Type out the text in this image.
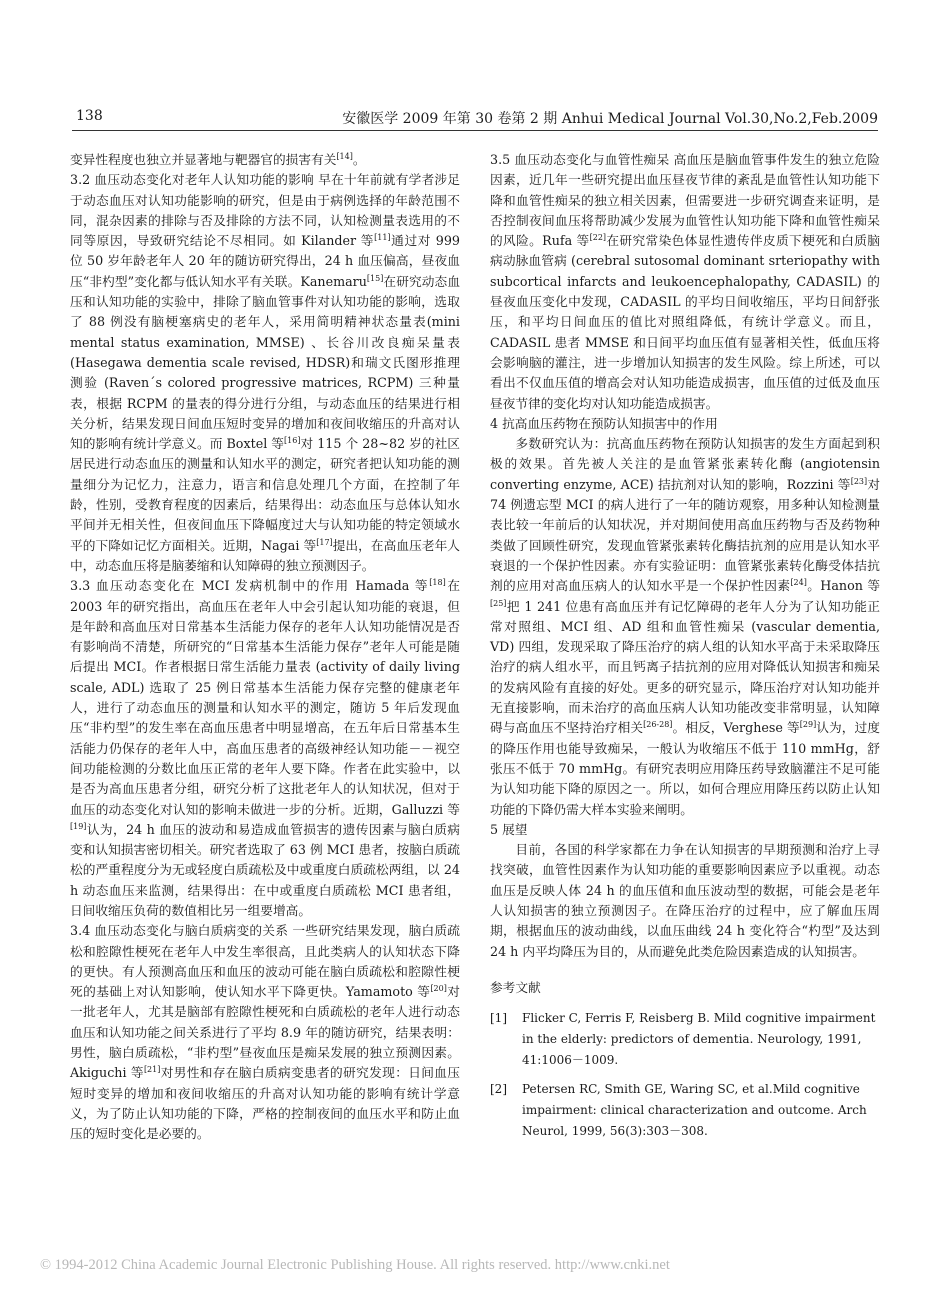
138	安徽医学 2009 年第 30 卷第 2 期 Anhui Medical Journal Vol.30,No.2,Feb.2009

变异性程度也独立并显著地与靶器官的损害有关[14]。

3.2 血压动态变化对老年人认知功能的影响 早在十年前就有学者涉足于动态血压对认知功能影响的研究，但是由于病例选择的年龄范围不同，混杂因素的排除与否及排除的方法不同，认知检测量表选用的不同等原因，导致研究结论不尽相同。如 Kilander 等[11]通过对 999 位 50 岁年龄老年人 20 年的随访研究得出，24 h 血压偏高，昼夜血压“非杓型”变化都与低认知水平有关联。Kanemaru[15]在研究动态血压和认知功能的实验中，排除了脑血管事件对认知功能的影响，选取了 88 例没有脑梗塞病史的老年人，采用简明精神状态量表(mini mental status examination, MMSE) 、长谷川改良痴呆量表(Hasegawa dementia scale revised, HDSR)和瑞文氏图形推理测验 (Raven´s colored progressive matrices, RCPM) 三种量表，根据 RCPM 的量表的得分进行分组，与动态血压的结果进行相关分析，结果发现日间血压短时变异的增加和夜间收缩压的升高对认知的影响有统计学意义。而 Boxtel 等[16]对 115 个 28~82 岁的社区居民进行动态血压的测量和认知水平的测定，研究者把认知功能的测量细分为记忆力，注意力，语言和信息处理几个方面，在控制了年龄，性别，受教育程度的因素后，结果得出：动态血压与总体认知水平间并无相关性，但夜间血压下降幅度过大与认知功能的特定领域水平的下降如记忆方面相关。近期，Nagai 等[17]提出，在高血压老年人中，动态血压将是脑萎缩和认知障碍的独立预测因子。

3.3 血压动态变化在 MCI 发病机制中的作用 Hamada 等[18]在 2003 年的研究指出，高血压在老年人中会引起认知功能的衰退，但是年龄和高血压对日常基本生活能力保存的老年人认知功能情况是否有影响尚不清楚，所研究的“日常基本生活能力保存”老年人可能是随后提出 MCI。作者根据日常生活能力量表 (activity of daily living scale, ADL) 选取了 25 例日常基本生活能力保存完整的健康老年人，进行了动态血压的测量和认知水平的测定，随访 5 年后发现血压“非杓型”的发生率在高血压患者中明显增高，在五年后日常基本生活能力仍保存的老年人中，高血压患者的高级神经认知功能－－视空间功能检测的分数比血压正常的老年人要下降。作者在此实验中，以是否为高血压患者分组，研究分析了这批老年人的认知状况，但对于血压的动态变化对认知的影响未做进一步的分析。近期，Galluzzi 等[19]认为，24 h 血压的波动和易造成血管损害的遗传因素与脑白质病变和认知损害密切相关。研究者选取了 63 例 MCI 患者，按脑白质疏松的严重程度分为无或轻度白质疏松及中或重度白质疏松两组，以 24 h 动态血压来监测，结果得出：在中或重度白质疏松 MCI 患者组，日间收缩压负荷的数值相比另一组要增高。

3.4 血压动态变化与脑白质病变的关系 一些研究结果发现，脑白质疏松和腔隙性梗死在老年人中发生率很高，且此类病人的认知状态下降的更快。有人预测高血压和血压的波动可能在脑白质疏松和腔隙性梗死的基础上对认知影响，使认知水平下降更快。Yamamoto 等[20]对一批老年人，尤其是脑部有腔隙性梗死和白质疏松的老年人进行动态血压和认知功能之间关系进行了平均 8.9 年的随访研究，结果表明：男性，脑白质疏松，“非杓型”昼夜血压是痴呆发展的独立预测因素。Akiguchi 等[21]对男性和存在脑白质病变患者的研究发现：日间血压短时变异的增加和夜间收缩压的升高对认知功能的影响有统计学意义，为了防止认知功能的下降，严格的控制夜间的血压水平和防止血压的短时变化是必要的。

3.5 血压动态变化与血管性痴呆 高血压是脑血管事件发生的独立危险因素，近几年一些研究提出血压昼夜节律的紊乱是血管性认知功能下降和血管性痴呆的独立相关因素，但需要进一步研究调查来证明，是否控制夜间血压将帮助减少发展为血管性认知功能下降和血管性痴呆的风险。Rufa 等[22]在研究常染色体显性遗传伴皮质下梗死和白质脑病动脉血管病 (cerebral sutosomal dominant srteriopathy with subcortical infarcts and leukoencephalopathy, CADASIL) 的昼夜血压变化中发现，CADASIL 的平均日间收缩压，平均日间舒张压，和平均日间血压的值比对照组降低，有统计学意义。而且，CADASIL 患者 MMSE 和日间平均血压值有显著相关性，低血压将会影响脑的灌注，进一步增加认知损害的发生风险。综上所述，可以看出不仅血压值的增高会对认知功能造成损害，血压值的过低及血压昼夜节律的变化均对认知功能造成损害。

4 抗高血压药物在预防认知损害中的作用

多数研究认为：抗高血压药物在预防认知损害的发生方面起到积极的效果。首先被人关注的是血管紧张素转化酶 (angiotensin converting enzyme, ACE) 拮抗剂对认知的影响，Rozzini 等[23]对 74 例遗忘型 MCI 的病人进行了一年的随访观察，用多种认知检测量表比较一年前后的认知状况，并对期间使用高血压药物与否及药物种类做了回顾性研究，发现血管紧张素转化酶拮抗剂的应用是认知水平衰退的一个保护性因素。亦有实验证明：血管紧张素转化酶受体拮抗剂的应用对高血压病人的认知水平是一个保护性因素[24]。Hanon 等[25]把 1 241 位患有高血压并有记忆障碍的老年人分为了认知功能正常对照组、MCI 组、AD 组和血管性痴呆 (vascular dementia, VD) 四组，发现采取了降压治疗的病人组的认知水平高于未采取降压治疗的病人组水平，而且钙离子拮抗剂的应用对降低认知损害和痴呆的发病风险有直接的好处。更多的研究显示，降压治疗对认知功能并无直接影响，而未治疗的高血压病人认知功能改变非常明显，认知障碍与高血压不坚持治疗相关[26-28]。相反，Verghese 等[29]认为，过度的降压作用也能导致痴呆，一般认为收缩压不低于 110 mmHg，舒张压不低于 70 mmHg。有研究表明应用降压药导致脑灌注不足可能为认知功能下降的原因之一。所以，如何合理应用降压药以防止认知功能的下降仍需大样本实验来阐明。

5 展望

目前，各国的科学家都在力争在认知损害的早期预测和治疗上寻找突破，血管性因素作为认知功能的重要影响因素应予以重视。动态血压是反映人体 24 h 的血压值和血压波动型的数据，可能会是老年人认知损害的独立预测因子。在降压治疗的过程中，应了解血压周期，根据血压的波动曲线，以血压曲线 24 h 变化符合“杓型”及达到 24 h 内平均降压为目的，从而避免此类危险因素造成的认知损害。

参考文献

[1]	Flicker C, Ferris F, Reisberg B. Mild cognitive impairment in the elderly: predictors of dementia. Neurology, 1991, 41:1006－1009.

[2]	Petersen RC, Smith GE, Waring SC, et al.Mild cognitive impairment: clinical characterization and outcome. Arch Neurol, 1999, 56(3):303－308.

© 1994-2012 China Academic Journal Electronic Publishing House. All rights reserved. http://www.cnki.net
